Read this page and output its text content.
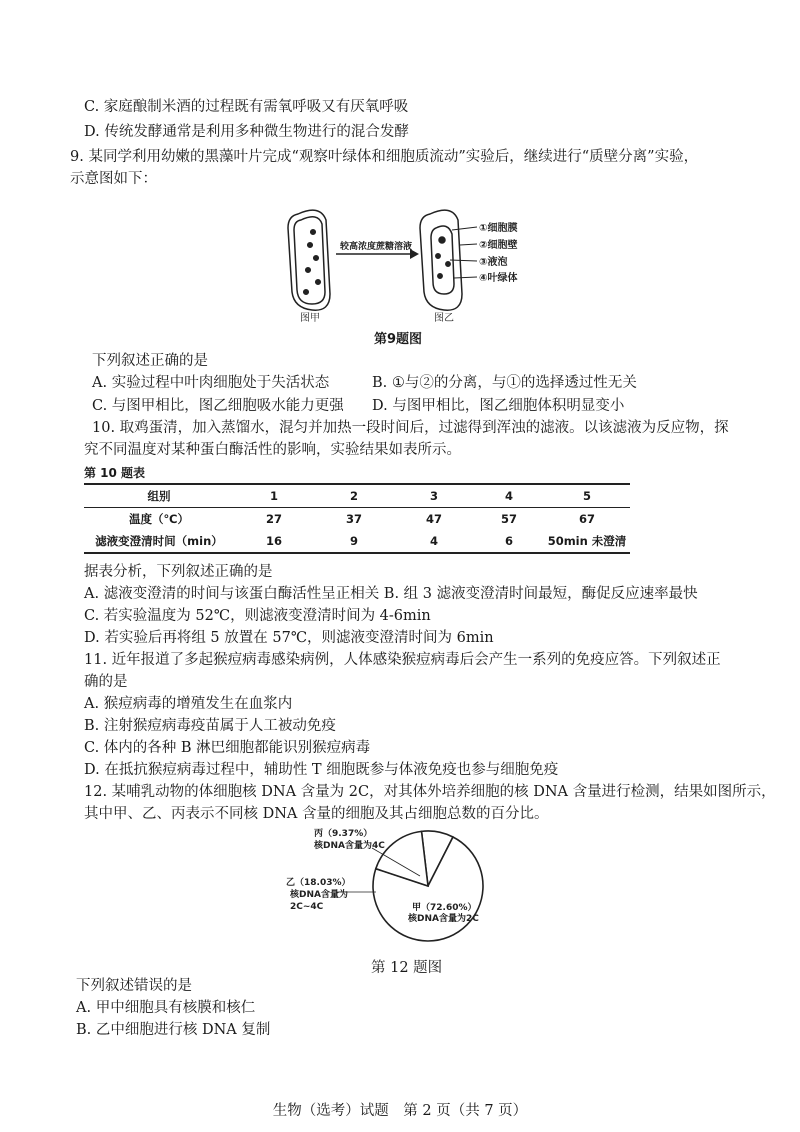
C. 家庭酿制米酒的过程既有需氧呼吸又有厌氧呼吸
D. 传统发酵通常是利用多种微生物进行的混合发酵
9. 某同学利用幼嫩的黑藻叶片完成“观察叶绿体和细胞质流动”实验后，继续进行“质壁分离”实验，
示意图如下：
较高浓度蔗糖溶液
①细胞膜
②细胞壁
③液泡
④叶绿体
图甲	图乙
第9题图
下列叙述正确的是
A. 实验过程中叶肉细胞处于失活状态	B. ①与②的分离，与①的选择透过性无关
C. 与图甲相比，图乙细胞吸水能力更强 D. 与图甲相比，图乙细胞体积明显变小
10. 取鸡蛋清，加入蒸馏水，混匀并加热一段时间后，过滤得到浑浊的滤液。以该滤液为反应物，探
究不同温度对某种蛋白酶活性的影响，实验结果如表所示。
第 10 题表
组别	1	2	3	4	5
温度（℃）	27	37	47	57	67
滤液变澄清时间（min）	16	9	4	6	50min 未澄清
据表分析，下列叙述正确的是
A. 滤液变澄清的时间与该蛋白酶活性呈正相关 B. 组 3 滤液变澄清时间最短，酶促反应速率最快
C. 若实验温度为 52℃，则滤液变澄清时间为 4-6min
D. 若实验后再将组 5 放置在 57℃，则滤液变澄清时间为 6min
11. 近年报道了多起猴痘病毒感染病例，人体感染猴痘病毒后会产生一系列的免疫应答。下列叙述正
确的是
A. 猴痘病毒的增殖发生在血浆内
B. 注射猴痘病毒疫苗属于人工被动免疫
C. 体内的各种 B 淋巴细胞都能识别猴痘病毒
D. 在抵抗猴痘病毒过程中，辅助性 T 细胞既参与体液免疫也参与细胞免疫
12. 某哺乳动物的体细胞核 DNA 含量为 2C，对其体外培养细胞的核 DNA 含量进行检测，结果如图所示，
其中甲、乙、丙表示不同核 DNA 含量的细胞及其占细胞总数的百分比。
丙（9.37%）
核DNA含量为4C
乙（18.03%）
核DNA含量为
2C~4C	甲（72.60%）
核DNA含量为2C
第 12 题图
下列叙述错误的是
A. 甲中细胞具有核膜和核仁
B. 乙中细胞进行核 DNA 复制
生物（选考）试题　第 2 页（共 7 页）
